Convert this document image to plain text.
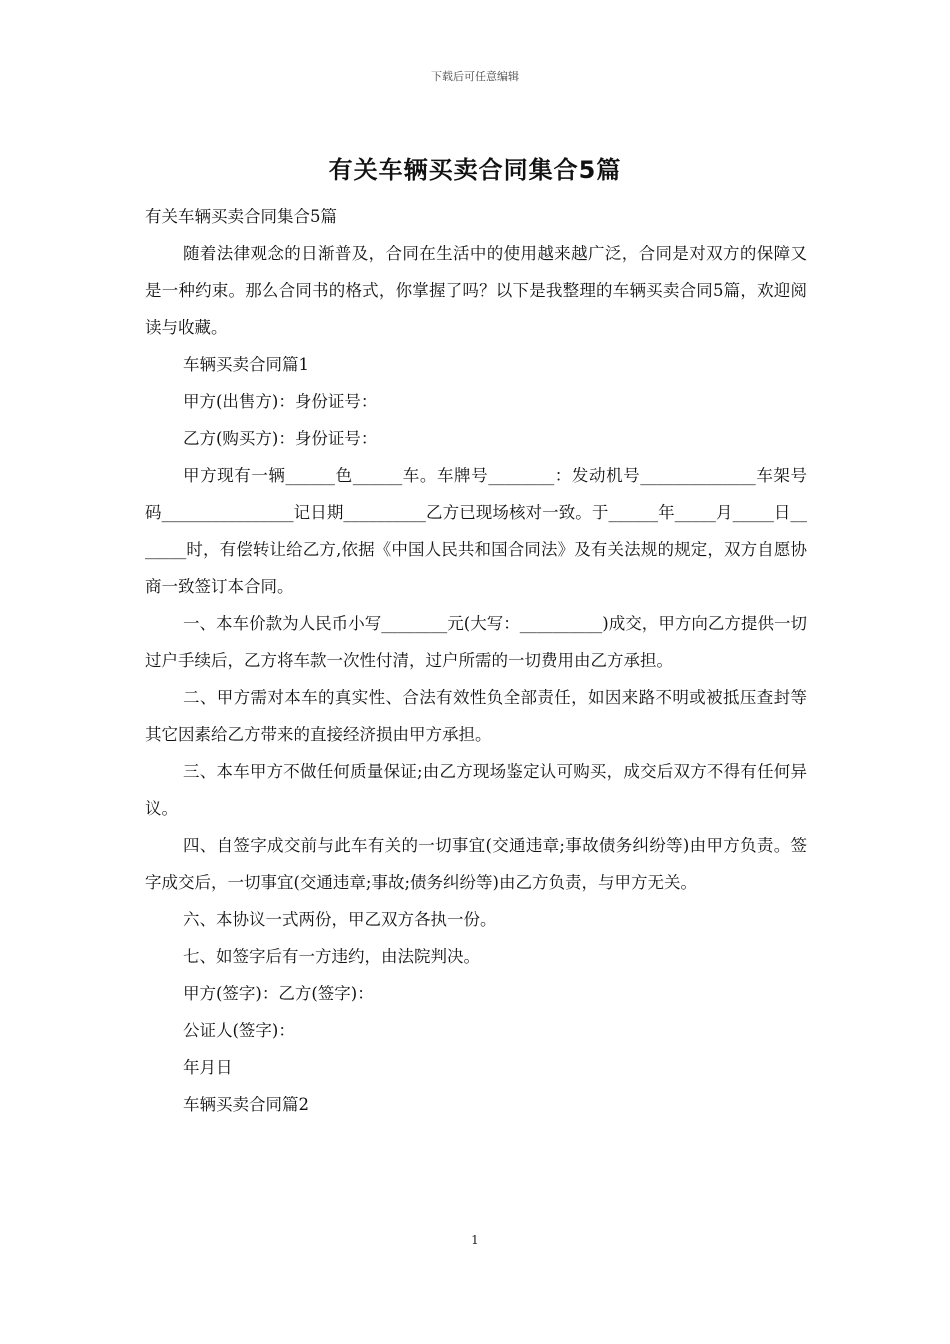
下载后可任意编辑
有关车辆买卖合同集合5篇

有关车辆买卖合同集合5篇

随着法律观念的日渐普及，合同在生活中的使用越来越广泛，合同是对双方的保障又是一种约束。那么合同书的格式，你掌握了吗？以下是我整理的车辆买卖合同5篇，欢迎阅读与收藏。

车辆买卖合同篇1

甲方(出售方)：身份证号：

乙方(购买方)：身份证号：

甲方现有一辆______色______车。车牌号________：发动机号______________车架号码________________记日期__________乙方已现场核对一致。于______年_____月_____日_______时，有偿转让给乙方,依据《中国人民共和国合同法》及有关法规的规定，双方自愿协商一致签订本合同。

一、本车价款为人民币小写________元(大写：__________)成交，甲方向乙方提供一切过户手续后，乙方将车款一次性付清，过户所需的一切费用由乙方承担。

二、甲方需对本车的真实性、合法有效性负全部责任，如因来路不明或被抵压查封等其它因素给乙方带来的直接经济损由甲方承担。

三、本车甲方不做任何质量保证;由乙方现场鉴定认可购买，成交后双方不得有任何异议。

四、自签字成交前与此车有关的一切事宜(交通违章;事故债务纠纷等)由甲方负责。签字成交后，一切事宜(交通违章;事故;债务纠纷等)由乙方负责，与甲方无关。

六、本协议一式两份，甲乙双方各执一份。

七、如签字后有一方违约，由法院判决。

甲方(签字)：乙方(签字)：

公证人(签字)：

年月日

车辆买卖合同篇2

1
